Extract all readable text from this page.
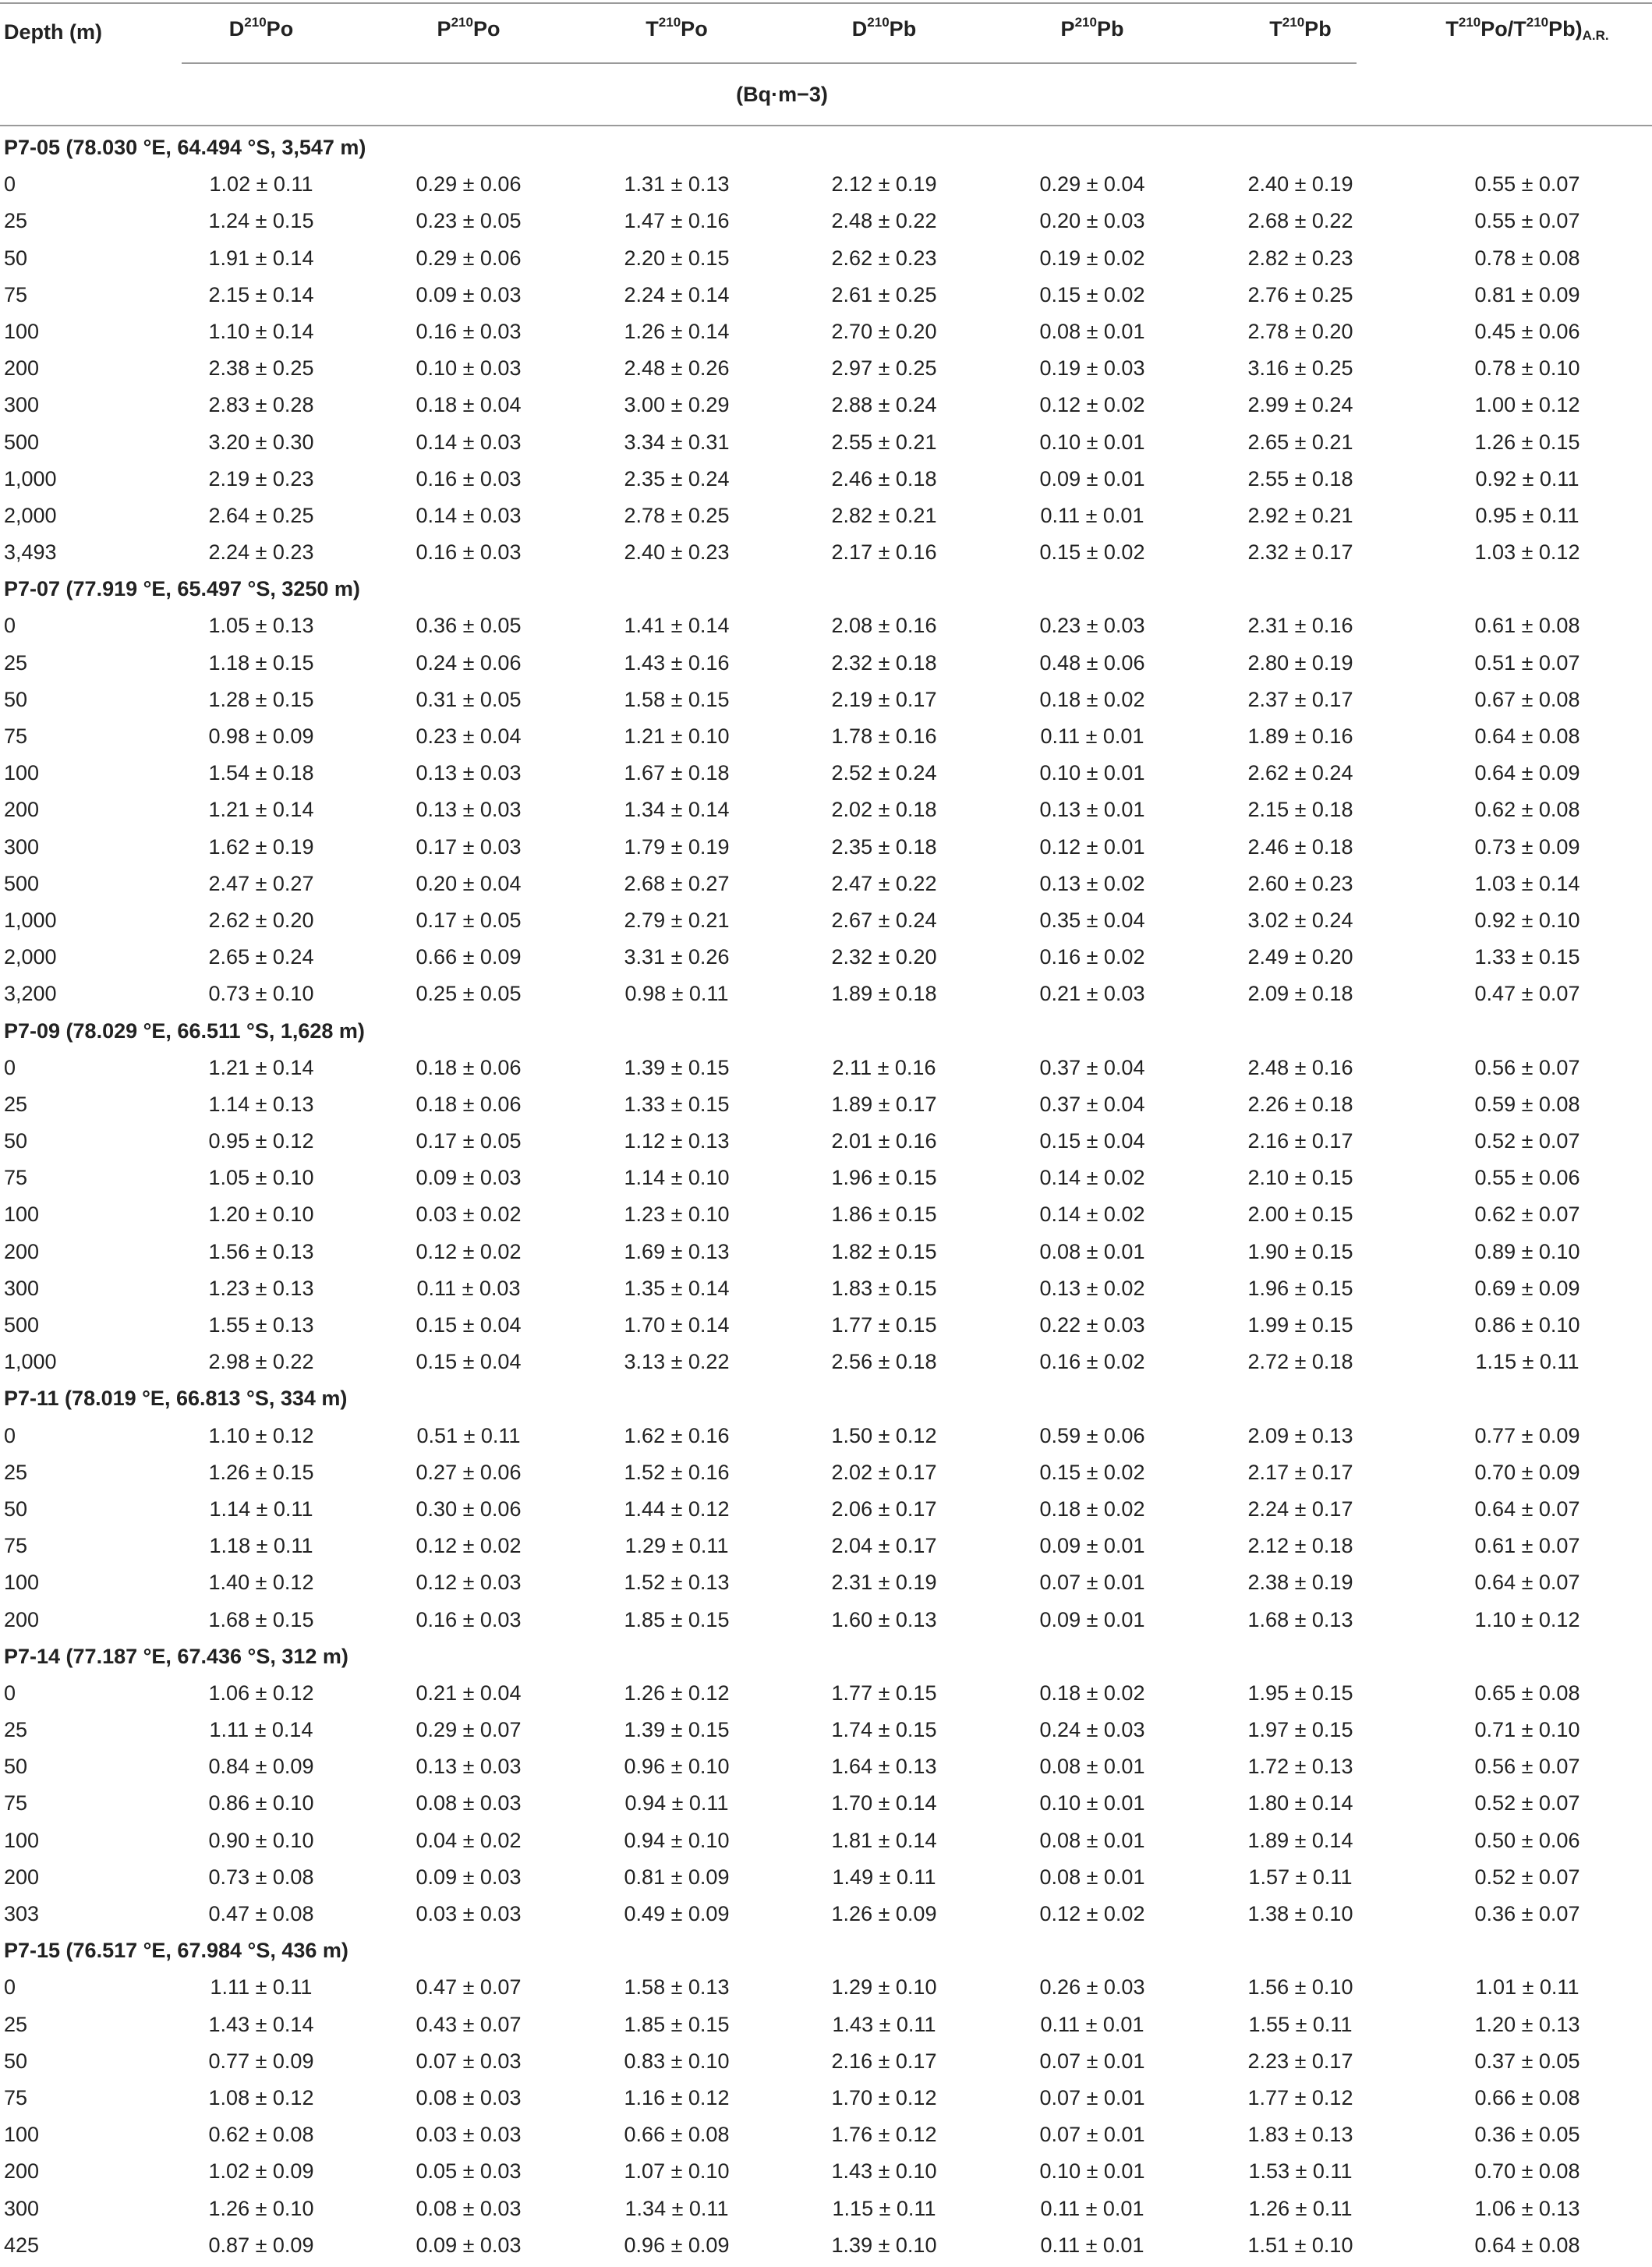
Depth (m)	$D^{210}Po$	$P^{210}Po$	$T^{210}Po$	$D^{210}Pb$	$P^{210}Pb$	$T^{210}Pb$	$T^{210}Po/T^{210}Pb)_{A.R.}$
(Bq·m−3)
P7-05 (78.030 °E, 64.494 °S, 3,547 m)
0	1.02 ± 0.11	0.29 ± 0.06	1.31 ± 0.13	2.12 ± 0.19	0.29 ± 0.04	2.40 ± 0.19	0.55 ± 0.07
25	1.24 ± 0.15	0.23 ± 0.05	1.47 ± 0.16	2.48 ± 0.22	0.20 ± 0.03	2.68 ± 0.22	0.55 ± 0.07
50	1.91 ± 0.14	0.29 ± 0.06	2.20 ± 0.15	2.62 ± 0.23	0.19 ± 0.02	2.82 ± 0.23	0.78 ± 0.08
75	2.15 ± 0.14	0.09 ± 0.03	2.24 ± 0.14	2.61 ± 0.25	0.15 ± 0.02	2.76 ± 0.25	0.81 ± 0.09
100	1.10 ± 0.14	0.16 ± 0.03	1.26 ± 0.14	2.70 ± 0.20	0.08 ± 0.01	2.78 ± 0.20	0.45 ± 0.06
200	2.38 ± 0.25	0.10 ± 0.03	2.48 ± 0.26	2.97 ± 0.25	0.19 ± 0.03	3.16 ± 0.25	0.78 ± 0.10
300	2.83 ± 0.28	0.18 ± 0.04	3.00 ± 0.29	2.88 ± 0.24	0.12 ± 0.02	2.99 ± 0.24	1.00 ± 0.12
500	3.20 ± 0.30	0.14 ± 0.03	3.34 ± 0.31	2.55 ± 0.21	0.10 ± 0.01	2.65 ± 0.21	1.26 ± 0.15
1,000	2.19 ± 0.23	0.16 ± 0.03	2.35 ± 0.24	2.46 ± 0.18	0.09 ± 0.01	2.55 ± 0.18	0.92 ± 0.11
2,000	2.64 ± 0.25	0.14 ± 0.03	2.78 ± 0.25	2.82 ± 0.21	0.11 ± 0.01	2.92 ± 0.21	0.95 ± 0.11
3,493	2.24 ± 0.23	0.16 ± 0.03	2.40 ± 0.23	2.17 ± 0.16	0.15 ± 0.02	2.32 ± 0.17	1.03 ± 0.12
P7-07 (77.919 °E, 65.497 °S, 3250 m)
0	1.05 ± 0.13	0.36 ± 0.05	1.41 ± 0.14	2.08 ± 0.16	0.23 ± 0.03	2.31 ± 0.16	0.61 ± 0.08
25	1.18 ± 0.15	0.24 ± 0.06	1.43 ± 0.16	2.32 ± 0.18	0.48 ± 0.06	2.80 ± 0.19	0.51 ± 0.07
50	1.28 ± 0.15	0.31 ± 0.05	1.58 ± 0.15	2.19 ± 0.17	0.18 ± 0.02	2.37 ± 0.17	0.67 ± 0.08
75	0.98 ± 0.09	0.23 ± 0.04	1.21 ± 0.10	1.78 ± 0.16	0.11 ± 0.01	1.89 ± 0.16	0.64 ± 0.08
100	1.54 ± 0.18	0.13 ± 0.03	1.67 ± 0.18	2.52 ± 0.24	0.10 ± 0.01	2.62 ± 0.24	0.64 ± 0.09
200	1.21 ± 0.14	0.13 ± 0.03	1.34 ± 0.14	2.02 ± 0.18	0.13 ± 0.01	2.15 ± 0.18	0.62 ± 0.08
300	1.62 ± 0.19	0.17 ± 0.03	1.79 ± 0.19	2.35 ± 0.18	0.12 ± 0.01	2.46 ± 0.18	0.73 ± 0.09
500	2.47 ± 0.27	0.20 ± 0.04	2.68 ± 0.27	2.47 ± 0.22	0.13 ± 0.02	2.60 ± 0.23	1.03 ± 0.14
1,000	2.62 ± 0.20	0.17 ± 0.05	2.79 ± 0.21	2.67 ± 0.24	0.35 ± 0.04	3.02 ± 0.24	0.92 ± 0.10
2,000	2.65 ± 0.24	0.66 ± 0.09	3.31 ± 0.26	2.32 ± 0.20	0.16 ± 0.02	2.49 ± 0.20	1.33 ± 0.15
3,200	0.73 ± 0.10	0.25 ± 0.05	0.98 ± 0.11	1.89 ± 0.18	0.21 ± 0.03	2.09 ± 0.18	0.47 ± 0.07
P7-09 (78.029 °E, 66.511 °S, 1,628 m)
0	1.21 ± 0.14	0.18 ± 0.06	1.39 ± 0.15	2.11 ± 0.16	0.37 ± 0.04	2.48 ± 0.16	0.56 ± 0.07
25	1.14 ± 0.13	0.18 ± 0.06	1.33 ± 0.15	1.89 ± 0.17	0.37 ± 0.04	2.26 ± 0.18	0.59 ± 0.08
50	0.95 ± 0.12	0.17 ± 0.05	1.12 ± 0.13	2.01 ± 0.16	0.15 ± 0.04	2.16 ± 0.17	0.52 ± 0.07
75	1.05 ± 0.10	0.09 ± 0.03	1.14 ± 0.10	1.96 ± 0.15	0.14 ± 0.02	2.10 ± 0.15	0.55 ± 0.06
100	1.20 ± 0.10	0.03 ± 0.02	1.23 ± 0.10	1.86 ± 0.15	0.14 ± 0.02	2.00 ± 0.15	0.62 ± 0.07
200	1.56 ± 0.13	0.12 ± 0.02	1.69 ± 0.13	1.82 ± 0.15	0.08 ± 0.01	1.90 ± 0.15	0.89 ± 0.10
300	1.23 ± 0.13	0.11 ± 0.03	1.35 ± 0.14	1.83 ± 0.15	0.13 ± 0.02	1.96 ± 0.15	0.69 ± 0.09
500	1.55 ± 0.13	0.15 ± 0.04	1.70 ± 0.14	1.77 ± 0.15	0.22 ± 0.03	1.99 ± 0.15	0.86 ± 0.10
1,000	2.98 ± 0.22	0.15 ± 0.04	3.13 ± 0.22	2.56 ± 0.18	0.16 ± 0.02	2.72 ± 0.18	1.15 ± 0.11
P7-11 (78.019 °E, 66.813 °S, 334 m)
0	1.10 ± 0.12	0.51 ± 0.11	1.62 ± 0.16	1.50 ± 0.12	0.59 ± 0.06	2.09 ± 0.13	0.77 ± 0.09
25	1.26 ± 0.15	0.27 ± 0.06	1.52 ± 0.16	2.02 ± 0.17	0.15 ± 0.02	2.17 ± 0.17	0.70 ± 0.09
50	1.14 ± 0.11	0.30 ± 0.06	1.44 ± 0.12	2.06 ± 0.17	0.18 ± 0.02	2.24 ± 0.17	0.64 ± 0.07
75	1.18 ± 0.11	0.12 ± 0.02	1.29 ± 0.11	2.04 ± 0.17	0.09 ± 0.01	2.12 ± 0.18	0.61 ± 0.07
100	1.40 ± 0.12	0.12 ± 0.03	1.52 ± 0.13	2.31 ± 0.19	0.07 ± 0.01	2.38 ± 0.19	0.64 ± 0.07
200	1.68 ± 0.15	0.16 ± 0.03	1.85 ± 0.15	1.60 ± 0.13	0.09 ± 0.01	1.68 ± 0.13	1.10 ± 0.12
P7-14 (77.187 °E, 67.436 °S, 312 m)
0	1.06 ± 0.12	0.21 ± 0.04	1.26 ± 0.12	1.77 ± 0.15	0.18 ± 0.02	1.95 ± 0.15	0.65 ± 0.08
25	1.11 ± 0.14	0.29 ± 0.07	1.39 ± 0.15	1.74 ± 0.15	0.24 ± 0.03	1.97 ± 0.15	0.71 ± 0.10
50	0.84 ± 0.09	0.13 ± 0.03	0.96 ± 0.10	1.64 ± 0.13	0.08 ± 0.01	1.72 ± 0.13	0.56 ± 0.07
75	0.86 ± 0.10	0.08 ± 0.03	0.94 ± 0.11	1.70 ± 0.14	0.10 ± 0.01	1.80 ± 0.14	0.52 ± 0.07
100	0.90 ± 0.10	0.04 ± 0.02	0.94 ± 0.10	1.81 ± 0.14	0.08 ± 0.01	1.89 ± 0.14	0.50 ± 0.06
200	0.73 ± 0.08	0.09 ± 0.03	0.81 ± 0.09	1.49 ± 0.11	0.08 ± 0.01	1.57 ± 0.11	0.52 ± 0.07
303	0.47 ± 0.08	0.03 ± 0.03	0.49 ± 0.09	1.26 ± 0.09	0.12 ± 0.02	1.38 ± 0.10	0.36 ± 0.07
P7-15 (76.517 °E, 67.984 °S, 436 m)
0	1.11 ± 0.11	0.47 ± 0.07	1.58 ± 0.13	1.29 ± 0.10	0.26 ± 0.03	1.56 ± 0.10	1.01 ± 0.11
25	1.43 ± 0.14	0.43 ± 0.07	1.85 ± 0.15	1.43 ± 0.11	0.11 ± 0.01	1.55 ± 0.11	1.20 ± 0.13
50	0.77 ± 0.09	0.07 ± 0.03	0.83 ± 0.10	2.16 ± 0.17	0.07 ± 0.01	2.23 ± 0.17	0.37 ± 0.05
75	1.08 ± 0.12	0.08 ± 0.03	1.16 ± 0.12	1.70 ± 0.12	0.07 ± 0.01	1.77 ± 0.12	0.66 ± 0.08
100	0.62 ± 0.08	0.03 ± 0.03	0.66 ± 0.08	1.76 ± 0.12	0.07 ± 0.01	1.83 ± 0.13	0.36 ± 0.05
200	1.02 ± 0.09	0.05 ± 0.03	1.07 ± 0.10	1.43 ± 0.10	0.10 ± 0.01	1.53 ± 0.11	0.70 ± 0.08
300	1.26 ± 0.10	0.08 ± 0.03	1.34 ± 0.11	1.15 ± 0.11	0.11 ± 0.01	1.26 ± 0.11	1.06 ± 0.13
425	0.87 ± 0.09	0.09 ± 0.03	0.96 ± 0.09	1.39 ± 0.10	0.11 ± 0.01	1.51 ± 0.10	0.64 ± 0.08
